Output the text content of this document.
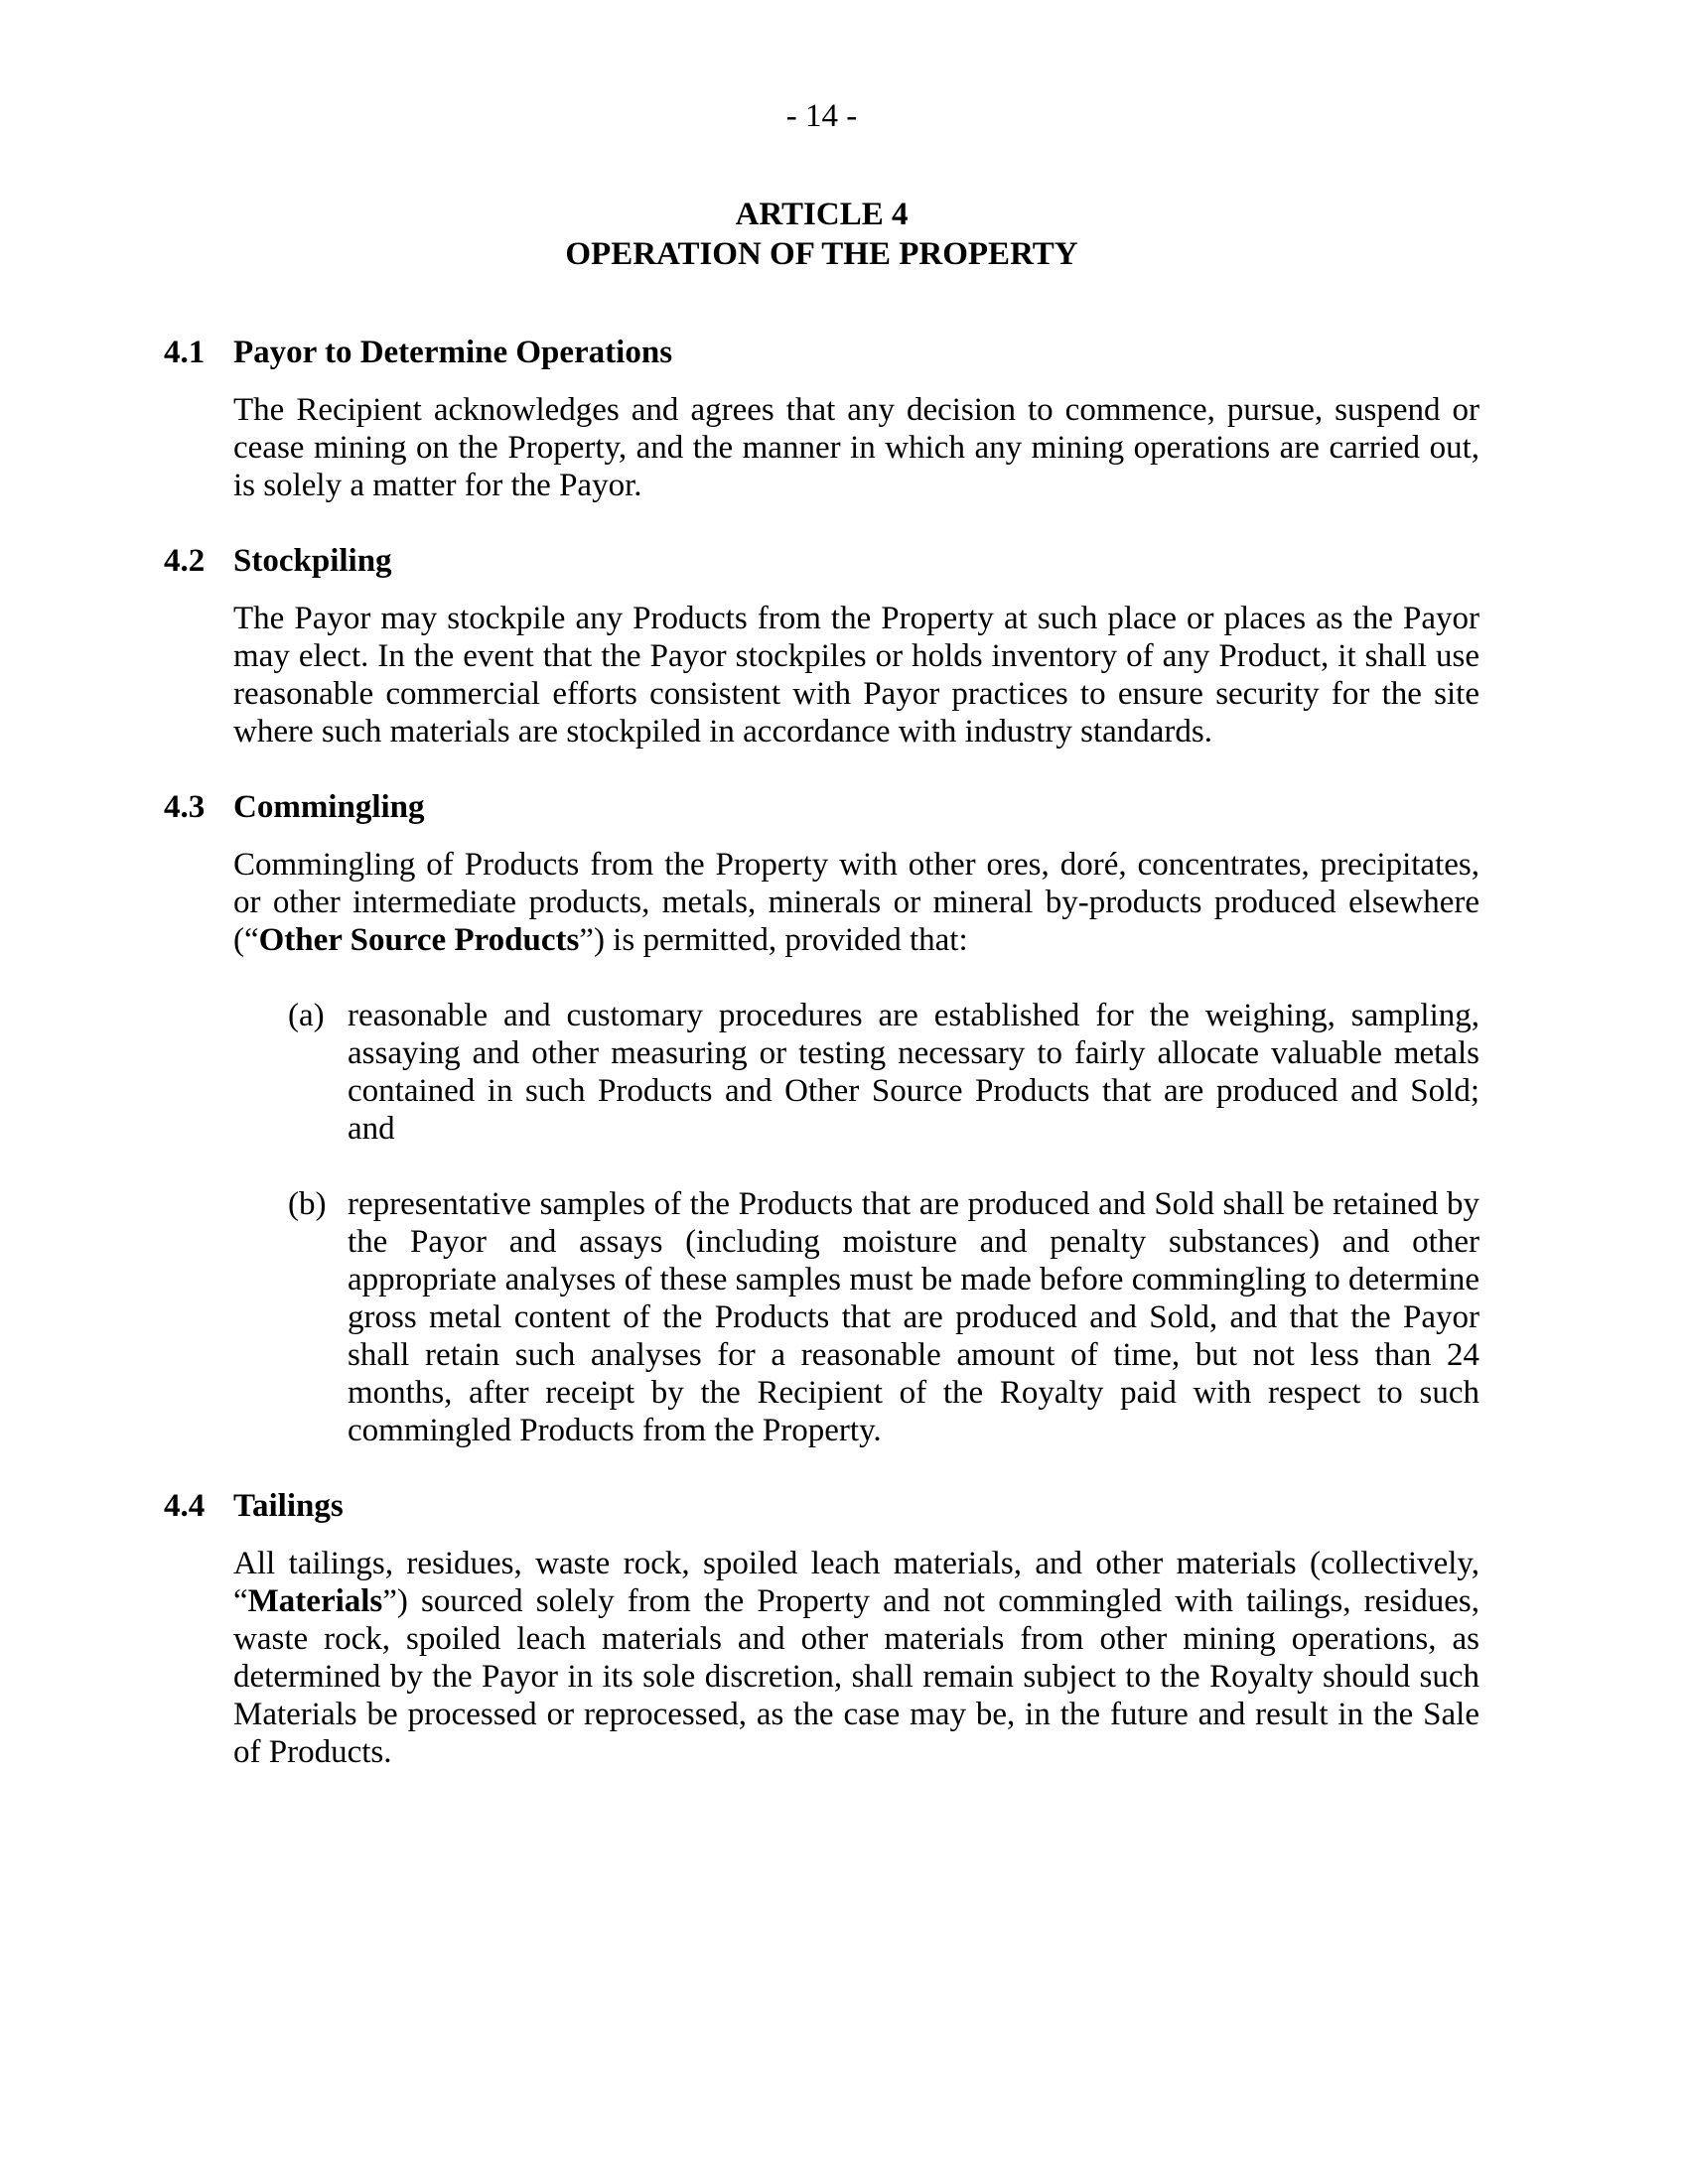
- 14 -
ARTICLE 4
OPERATION OF THE PROPERTY
4.1 Payor to Determine Operations

The Recipient acknowledges and agrees that any decision to commence, pursue, suspend or cease mining on the Property, and the manner in which any mining operations are carried out, is solely a matter for the Payor.

4.2 Stockpiling

The Payor may stockpile any Products from the Property at such place or places as the Payor may elect. In the event that the Payor stockpiles or holds inventory of any Product, it shall use reasonable commercial efforts consistent with Payor practices to ensure security for the site where such materials are stockpiled in accordance with industry standards.

4.3 Commingling

Commingling of Products from the Property with other ores, doré, concentrates, precipitates, or other intermediate products, metals, minerals or mineral by-products produced elsewhere (“Other Source Products”) is permitted, provided that:

(a) reasonable and customary procedures are established for the weighing, sampling, assaying and other measuring or testing necessary to fairly allocate valuable metals contained in such Products and Other Source Products that are produced and Sold; and

(b) representative samples of the Products that are produced and Sold shall be retained by the Payor and assays (including moisture and penalty substances) and other appropriate analyses of these samples must be made before commingling to determine gross metal content of the Products that are produced and Sold, and that the Payor shall retain such analyses for a reasonable amount of time, but not less than 24 months, after receipt by the Recipient of the Royalty paid with respect to such commingled Products from the Property.

4.4 Tailings

All tailings, residues, waste rock, spoiled leach materials, and other materials (collectively, “Materials”) sourced solely from the Property and not commingled with tailings, residues, waste rock, spoiled leach materials and other materials from other mining operations, as determined by the Payor in its sole discretion, shall remain subject to the Royalty should such Materials be processed or reprocessed, as the case may be, in the future and result in the Sale of Products.
